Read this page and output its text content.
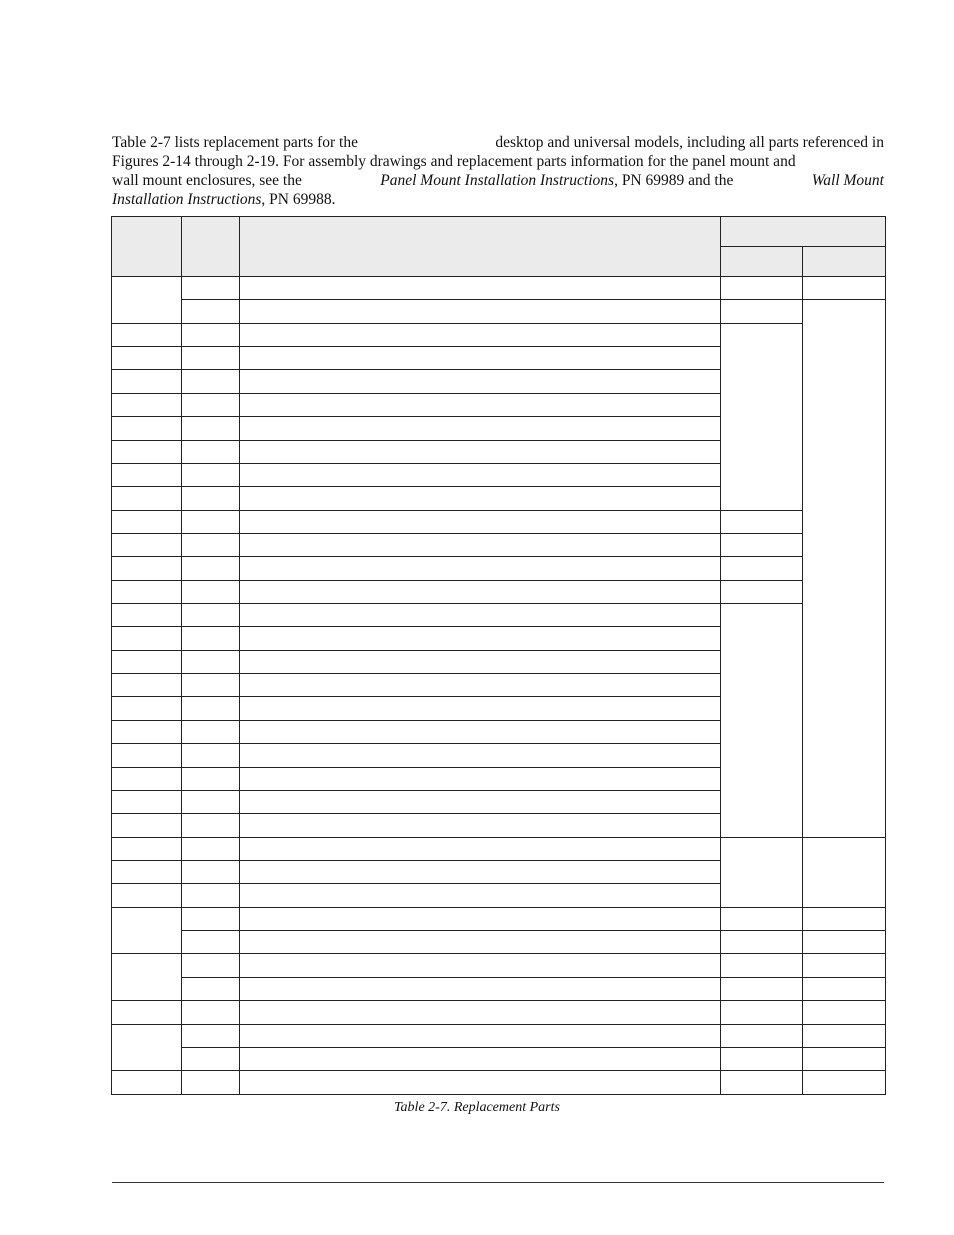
Table 2-7 lists replacement parts for the	desktop and universal models, including all parts referenced in
Figures 2-14 through 2-19. For assembly drawings and replacement parts information for the panel mount and
wall mount enclosures, see the	Panel Mount Installation Instructions, PN 69989 and the	Wall Mount
Installation Instructions , PN 69988.

Table 2-7. Replacement Parts
